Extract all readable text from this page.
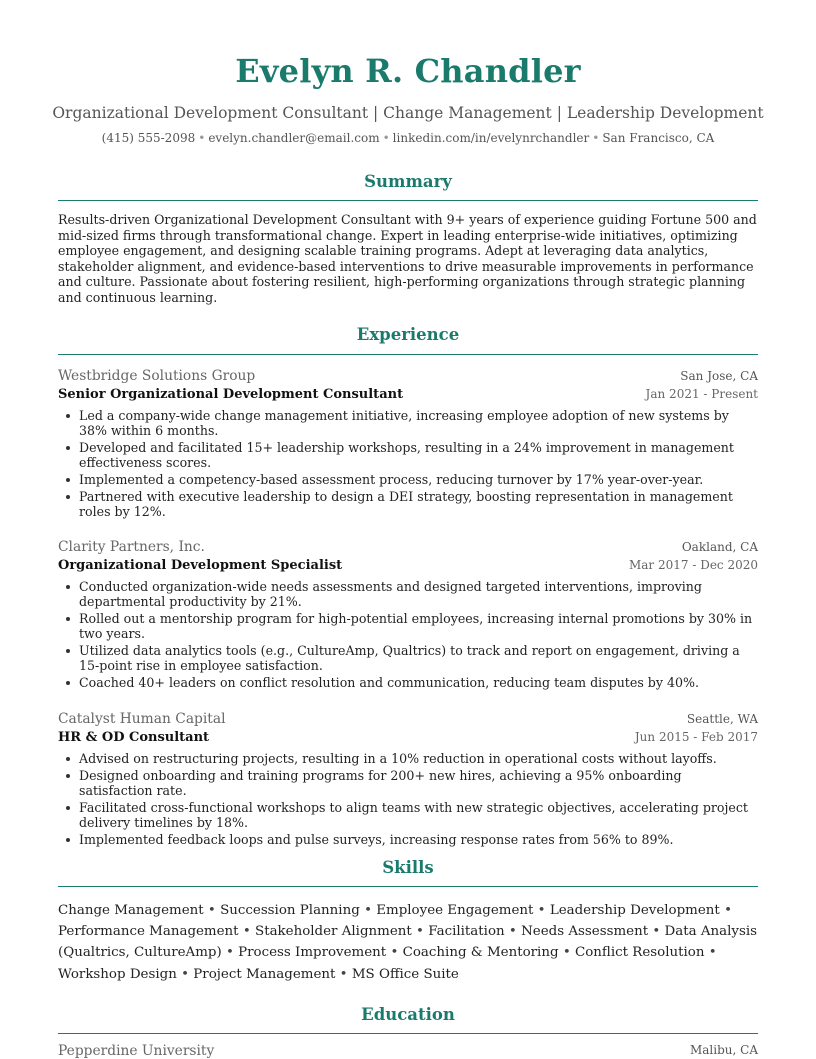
Evelyn R. Chandler
Organizational Development Consultant | Change Management | Leadership Development
(415) 555-2098 • evelyn.chandler@email.com • linkedin.com/in/evelynrchandler • San Francisco, CA
Summary
Results-driven Organizational Development Consultant with 9+ years of experience guiding Fortune 500 and mid-sized firms through transformational change. Expert in leading enterprise-wide initiatives, optimizing employee engagement, and designing scalable training programs. Adept at leveraging data analytics, stakeholder alignment, and evidence-based interventions to drive measurable improvements in performance and culture. Passionate about fostering resilient, high-performing organizations through strategic planning and continuous learning.
Experience
Westbridge Solutions Group	San Jose, CA
Senior Organizational Development Consultant	Jan 2021 - Present
Led a company-wide change management initiative, increasing employee adoption of new systems by 38% within 6 months.
Developed and facilitated 15+ leadership workshops, resulting in a 24% improvement in management effectiveness scores.
Implemented a competency-based assessment process, reducing turnover by 17% year-over-year.
Partnered with executive leadership to design a DEI strategy, boosting representation in management roles by 12%.
Clarity Partners, Inc.	Oakland, CA
Organizational Development Specialist	Mar 2017 - Dec 2020
Conducted organization-wide needs assessments and designed targeted interventions, improving departmental productivity by 21%.
Rolled out a mentorship program for high-potential employees, increasing internal promotions by 30% in two years.
Utilized data analytics tools (e.g., CultureAmp, Qualtrics) to track and report on engagement, driving a 15-point rise in employee satisfaction.
Coached 40+ leaders on conflict resolution and communication, reducing team disputes by 40%.
Catalyst Human Capital	Seattle, WA
HR & OD Consultant	Jun 2015 - Feb 2017
Advised on restructuring projects, resulting in a 10% reduction in operational costs without layoffs.
Designed onboarding and training programs for 200+ new hires, achieving a 95% onboarding satisfaction rate.
Facilitated cross-functional workshops to align teams with new strategic objectives, accelerating project delivery timelines by 18%.
Implemented feedback loops and pulse surveys, increasing response rates from 56% to 89%.
Skills
Change Management • Succession Planning • Employee Engagement • Leadership Development • Performance Management • Stakeholder Alignment • Facilitation • Needs Assessment • Data Analysis (Qualtrics, CultureAmp) • Process Improvement • Coaching & Mentoring • Conflict Resolution • Workshop Design • Project Management • MS Office Suite
Education
Pepperdine University	Malibu, CA
